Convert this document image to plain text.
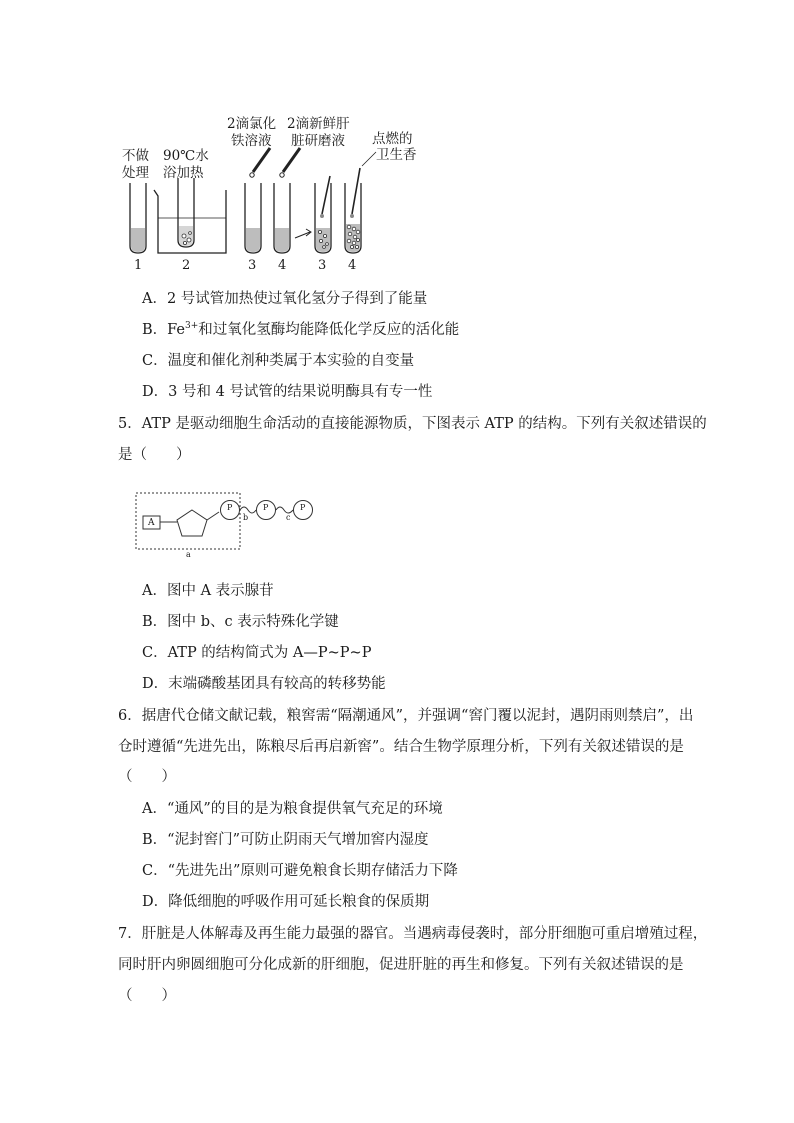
不做
处理
90℃水
浴加热
2滴氯化
铁溶液
2滴新鲜肝
脏研磨液 点燃的
卫生香
1	2	3 4 3 4
A．2 号试管加热使过氧化氢分子得到了能量
B．$Fe^{3+}$和过氧化氢酶均能降低化学反应的活化能
C．温度和催化剂种类属于本实验的自变量
D．3 号和 4 号试管的结果说明酶具有专一性
5．ATP 是驱动细胞生命活动的直接能源物质，下图表示 ATP 的结构。下列有关叙述错误的
是（　　）
A
P	P	P
b	c
a
A．图中 A 表示腺苷
B．图中 b、c 表示特殊化学键
C．ATP 的结构简式为 A—P~P~P
D．末端磷酸基团具有较高的转移势能
6．据唐代仓储文献记载，粮窖需“隔潮通风”，并强调“窖门覆以泥封，遇阴雨则禁启”，出
仓时遵循“先进先出，陈粮尽后再启新窖”。结合生物学原理分析，下列有关叙述错误的是
（　　）
A．“通风”的目的是为粮食提供氧气充足的环境
B．“泥封窖门”可防止阴雨天气增加窖内湿度
C．“先进先出”原则可避免粮食长期存储活力下降
D．降低细胞的呼吸作用可延长粮食的保质期
7．肝脏是人体解毒及再生能力最强的器官。当遇病毒侵袭时，部分肝细胞可重启增殖过程，
同时肝内卵圆细胞可分化成新的肝细胞，促进肝脏的再生和修复。下列有关叙述错误的是
（　　）
